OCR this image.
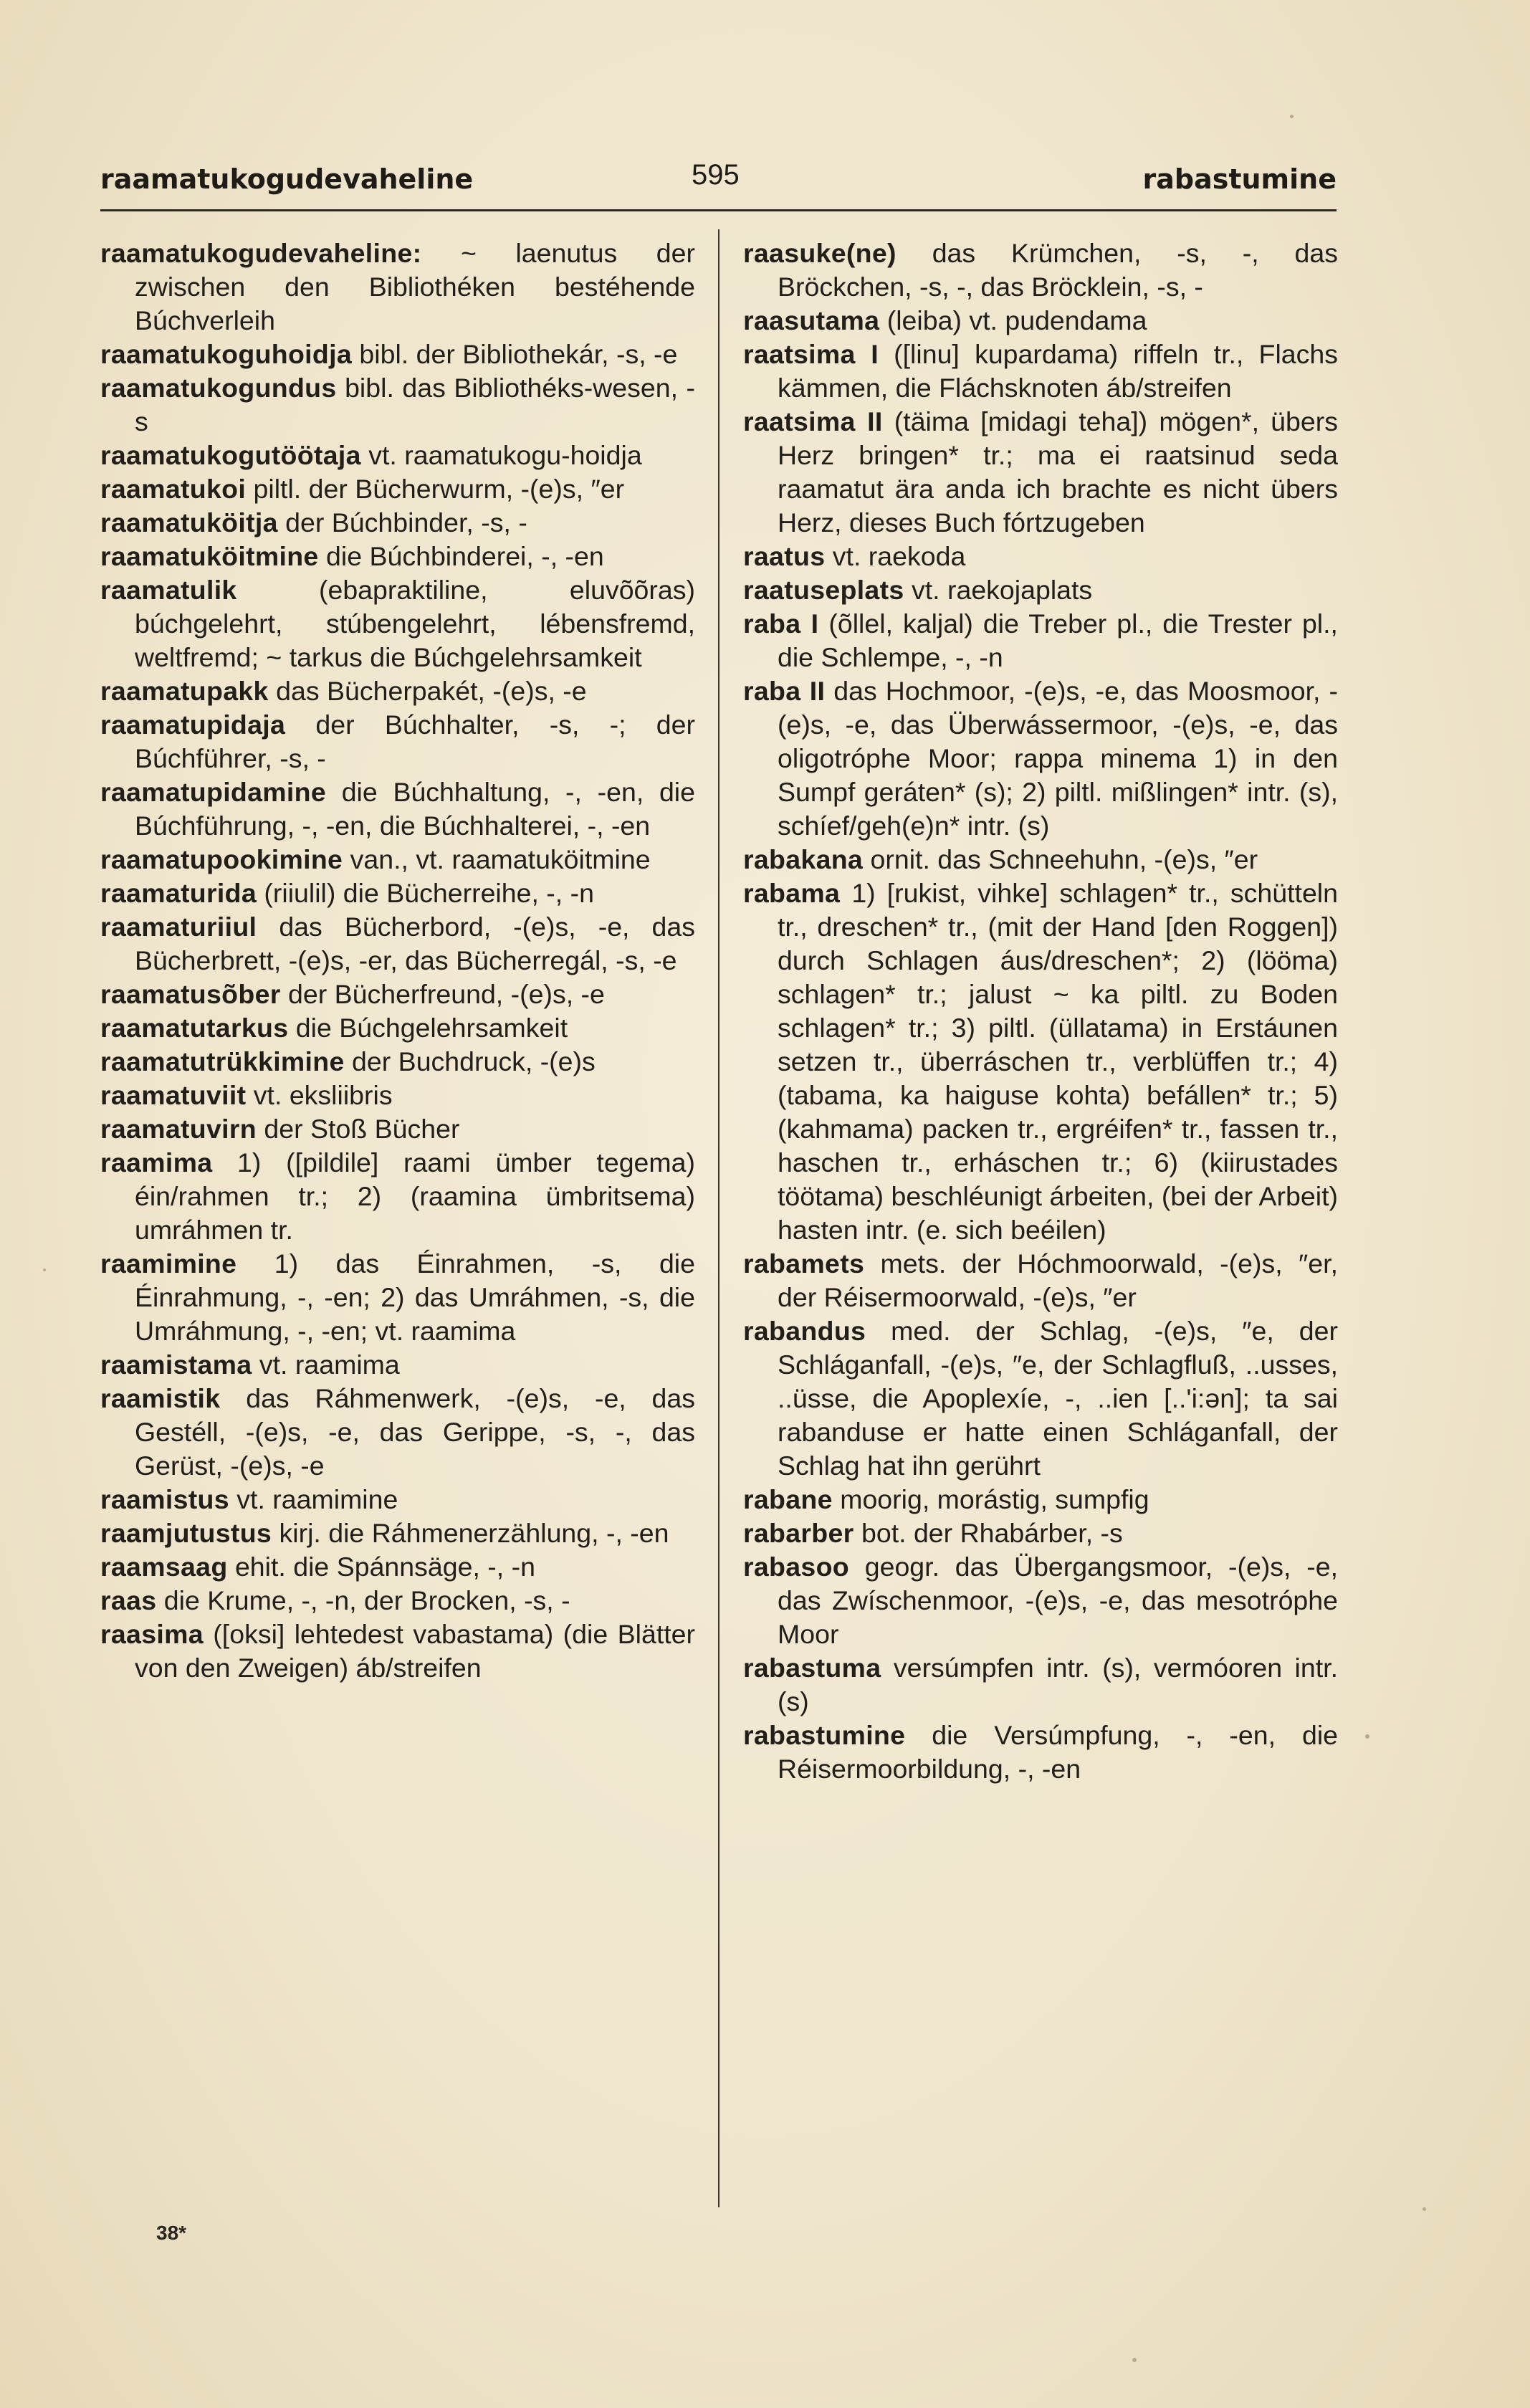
raamatukogudevaheline	595	rabastumine

raamatukogudevaheline: ~ laenutus der zwischen den Bibliothéken bestéhende Búchverleih

raamatukoguhoidja bibl. der Bibliothekár, -s, -e

raamatukogundus bibl. das Bibliothéks-wesen, -s

raamatukogutöötaja vt. raamatukogu-hoidja

raamatukoi piltl. der Bücherwurm, -(e)s, ″er

raamatuköitja der Búchbinder, -s, -

raamatuköitmine die Búchbinderei, -, -en

raamatulik (ebapraktiline, eluvõõras) búchgelehrt, stúbengelehrt, lébensfremd, weltfremd; ~ tarkus die Búchgelehrsamkeit

raamatupakk das Bücherpakét, -(e)s, -e

raamatupidaja der Búchhalter, -s, -; der Búchführer, -s, -

raamatupidamine die Búchhaltung, -, -en, die Búchführung, -, -en, die Búchhalterei, -, -en

raamatupookimine van., vt. raamatuköitmine

raamaturida (riiulil) die Bücherreihe, -, -n

raamaturiiul das Bücherbord, -(e)s, -e, das Bücherbrett, -(e)s, -er, das Bücherregál, -s, -e

raamatusõber der Bücherfreund, -(e)s, -e

raamatutarkus die Búchgelehrsamkeit

raamatutrükkimine der Buchdruck, -(e)s

raamatuviit vt. eksliibris

raamatuvirn der Stoß Bücher

raamima 1) ([pildile] raami ümber tegema) éin/rahmen tr.; 2) (raamina ümbritsema) umráhmen tr.

raamimine 1) das Éinrahmen, -s, die Éinrahmung, -, -en; 2) das Umráhmen, -s, die Umráhmung, -, -en; vt. raamima

raamistama vt. raamima

raamistik das Ráhmenwerk, -(e)s, -e, das Gestéll, -(e)s, -e, das Gerippe, -s, -, das Gerüst, -(e)s, -e

raamistus vt. raamimine

raamjutustus kirj. die Ráhmenerzählung, -, -en

raamsaag ehit. die Spánnsäge, -, -n

raas die Krume, -, -n, der Brocken, -s, -

raasima ([oksi] lehtedest vabastama) (die Blätter von den Zweigen) áb/streifen

raasuke(ne) das Krümchen, -s, -, das Bröckchen, -s, -, das Bröcklein, -s, -

raasutama (leiba) vt. pudendama

raatsima I ([linu] kupardama) riffeln tr., Flachs kämmen, die Fláchsknoten áb/streifen

raatsima II (täima [midagi teha]) mögen*, übers Herz bringen* tr.; ma ei raatsinud seda raamatut ära anda ich brachte es nicht übers Herz, dieses Buch fórtzugeben

raatus vt. raekoda

raatuseplats vt. raekojaplats

raba I (õllel, kaljal) die Treber pl., die Trester pl., die Schlempe, -, -n

raba II das Hochmoor, -(e)s, -e, das Moosmoor, -(e)s, -e, das Überwássermoor, -(e)s, -e, das oligotróphe Moor; rappa minema 1) in den Sumpf geráten* (s); 2) piltl. mißlingen* intr. (s), schíef/geh(e)n* intr. (s)

rabakana ornit. das Schneehuhn, -(e)s, ″er

rabama 1) [rukist, vihke] schlagen* tr., schütteln tr., dreschen* tr., (mit der Hand [den Roggen]) durch Schlagen áus/dreschen*; 2) (lööma) schlagen* tr.; jalust ~ ka piltl. zu Boden schlagen* tr.; 3) piltl. (üllatama) in Erstáunen setzen tr., überráschen tr., verblüffen tr.; 4) (tabama, ka haiguse kohta) befállen* tr.; 5) (kahmama) packen tr., ergréifen* tr., fassen tr., haschen tr., erháschen tr.; 6) (kiirustades töötama) beschléunigt árbeiten, (bei der Arbeit) hasten intr. (e. sich beéilen)

rabamets mets. der Hóchmoorwald, -(e)s, ″er, der Réisermoorwald, -(e)s, ″er

rabandus med. der Schlag, -(e)s, ″e, der Schláganfall, -(e)s, ″e, der Schlagfluß, ..usses, ..üsse, die Apoplexíe, -, ..ien [..'i:ən]; ta sai rabanduse er hatte einen Schláganfall, der Schlag hat ihn gerührt

rabane moorig, morástig, sumpfig

rabarber bot. der Rhabárber, -s

rabasoo geogr. das Übergangsmoor, -(e)s, -e, das Zwíschenmoor, -(e)s, -e, das mesotróphe Moor

rabastuma versúmpfen intr. (s), vermóoren intr. (s)

rabastumine die Versúmpfung, -, -en, die Réisermoorbildung, -, -en

38*
